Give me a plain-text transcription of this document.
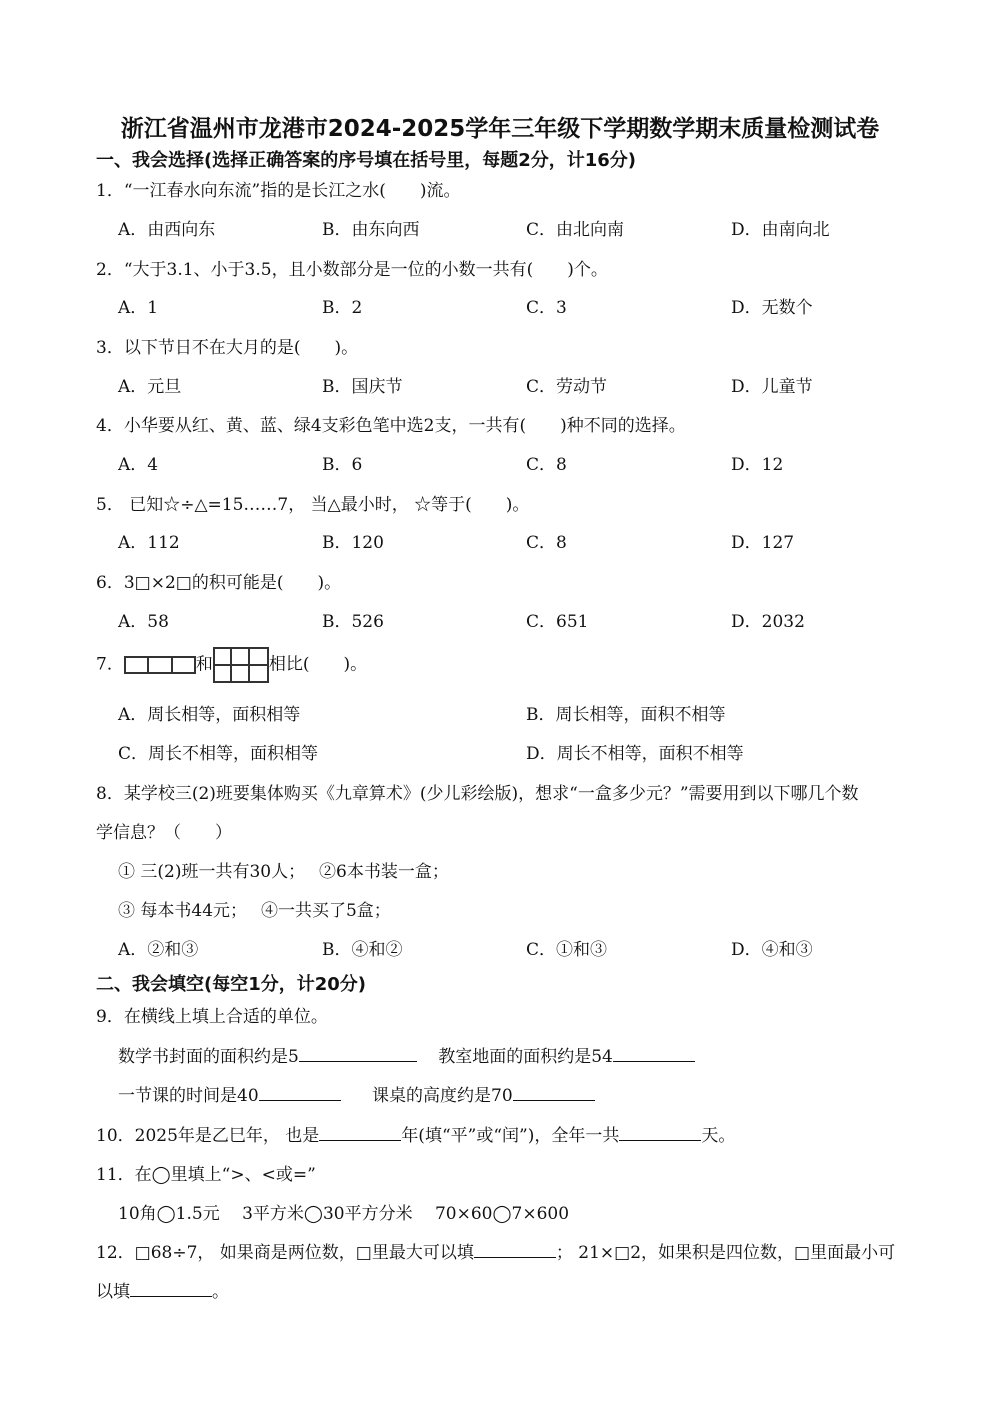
浙江省温州市龙港市2024-2025学年三年级下学期数学期末质量检测试卷
一、我会选择(选择正确答案的序号填在括号里，每题2分，计16分)
1．“一江春水向东流”指的是长江之水(　　)流。
A．由西向东	B．由东向西	C．由北向南	D．由南向北
2．“大于3.1、小于3.5，且小数部分是一位的小数一共有(　　)个。
A．1	B．2	C．3	D．无数个
3．以下节日不在大月的是(　　)。
A．元旦	B．国庆节	C．劳动节	D．儿童节
4．小华要从红、黄、蓝、绿4支彩色笔中选2支，一共有(　　)种不同的选择。
A．4	B．6	C．8	D．12
5． 已知☆÷△=15……7， 当△最小时， ☆等于(　　)。
A．112	B．120	C．8	D．127
6．3□×2□的积可能是(　　)。
A．58	B．526	C．651	D．2032
7．	和	相比(　　)。
A．周长相等，面积相等	B．周长相等，面积不相等
C．周长不相等，面积相等	D．周长不相等，面积不相等
8．某学校三(2)班要集体购买《九章算术》(少儿彩绘版)，想求“一盒多少元？”需要用到以下哪几个数
学信息？（　　）
① 三(2)班一共有30人；　 ②6本书装一盒；
③ 每本书44元；　 ④一共买了5盒；
A．②和③	B．④和②	C．①和③	D．④和③
二、我会填空(每空1分，计20分)
9．在横线上填上合适的单位。
数学书封面的面积约是5	教室地面的面积约是54
一节课的时间是40	课桌的高度约是70
10．2025年是乙巳年， 也是	年(填“平”或“闰”)，全年一共	天。
11．在◯里填上“>、<或=”
10角◯1.5元　 3平方米◯30平方分米　 70×60◯7×600
12．□68÷7， 如果商是两位数，□里最大可以填	； 21×□2，如果积是四位数，□里面最小可
以填	。
